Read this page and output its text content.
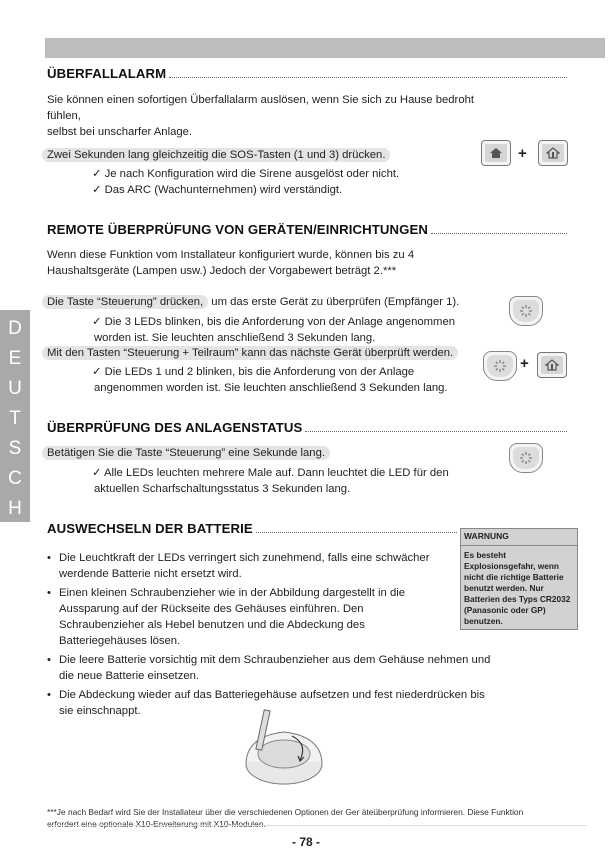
D
E
U
T
S
C
H
ÜBERFALLALARM
Sie können einen sofortigen Überfallalarm auslösen, wenn Sie sich zu Hause bedroht
fühlen,
selbst bei unscharfer Anlage.
Zwei Sekunden lang gleichzeitig die SOS-Tasten (1 und 3) drücken.
✓ Je nach Konfiguration wird die Sirene ausgelöst oder nicht.
✓ Das ARC (Wachunternehmen) wird verständigt.
+
REMOTE ÜBERPRÜFUNG VON GERÄTEN/EINRICHTUNGEN
Wenn diese Funktion vom Installateur konfiguriert wurde, können bis zu 4
Haushaltsgeräte (Lampen usw.) Jedoch der Vorgabewert beträgt 2.***
Die Taste “Steuerung” drücken, um das erste Gerät zu überprüfen (Empfänger 1).
✓ Die 3 LEDs blinken, bis die Anforderung von der Anlage angenommen
worden ist. Sie leuchten anschließend 3 Sekunden lang.
Mit den Tasten “Steuerung + Teilraum” kann das nächste Gerät überprüft werden.
✓ Die LEDs 1 und 2 blinken, bis die Anforderung von der Anlage
angenommen worden ist. Sie leuchten anschließend 3 Sekunden lang.
+
ÜBERPRÜFUNG DES ANLAGENSTATUS
Betätigen Sie die Taste “Steuerung” eine Sekunde lang.
✓ Alle LEDs leuchten mehrere Male auf. Dann leuchtet die LED für den
aktuellen Scharfschaltungsstatus 3 Sekunden lang.
AUSWECHSELN DER BATTERIE	WARNUNG
Es besteht
Explosionsgefahr, wenn
nicht die richtige Batterie
benutzt werden. Nur
Batterien des Typs CR2032
(Panasonic oder GP)
benutzen.
• Die Leuchtkraft der LEDs verringert sich zunehmend, falls eine schwächer
werdende Batterie nicht ersetzt wird.
• Einen kleinen Schraubenzieher wie in der Abbildung dargestellt in die
Aussparung auf der Rückseite des Gehäuses einführen. Den
Schraubenzieher als Hebel benutzen und die Abdeckung des
Batteriegehäuses lösen.
• Die leere Batterie vorsichtig mit dem Schraubenzieher aus dem Gehäuse nehmen und
die neue Batterie einsetzen.
• Die Abdeckung wieder auf das Batteriegehäuse aufsetzen und fest niederdrücken bis
sie einschnappt.
***Je nach Bedarf wird Sie der Installateur über die verschiedenen Optionen der Ger äteüberprüfung informieren. Diese Funktion
erfordert eine optionale X10-Erweiterung mit X10-Modulen.
- 78 -
